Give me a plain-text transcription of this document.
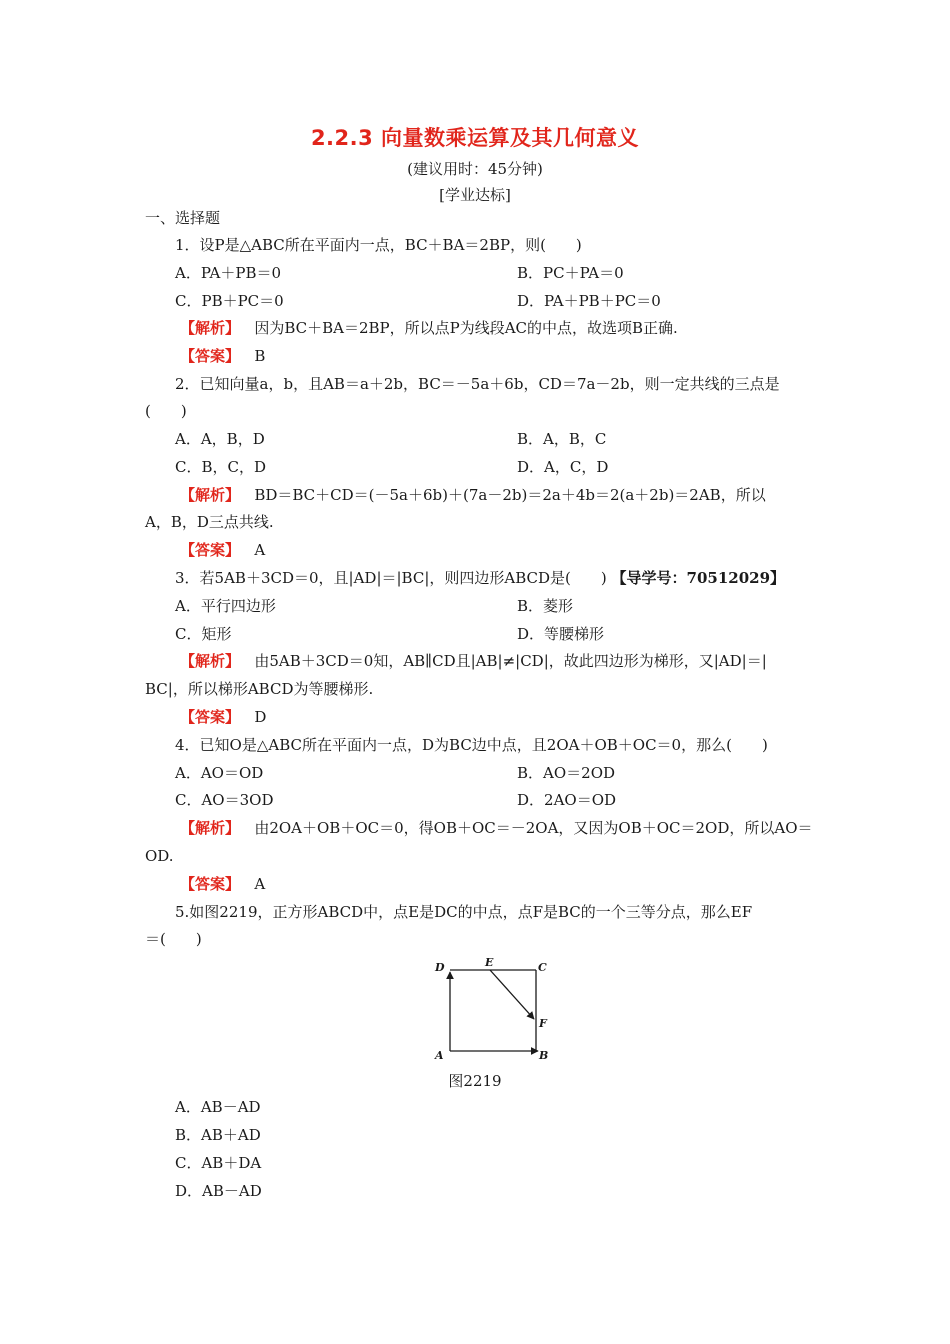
2.2.3 向量数乘运算及其几何意义
(建议用时：45分钟)
[学业达标]
一、选择题
1．设P是△ABC所在平面内一点，BC＋BA＝2BP，则(　　)
A．PA＋PB＝0	B．PC＋PA＝0
C．PB＋PC＝0	D．PA＋PB＋PC＝0
【解析】 因为BC＋BA＝2BP，所以点P为线段AC的中点，故选项B正确.
【答案】 B
2．已知向量a，b，且AB＝a＋2b，BC＝－5a＋6b，CD＝7a－2b，则一定共线的三点是
(　　)
A．A，B，D	B．A，B，C
C．B，C，D	D．A，C，D
【解析】 BD＝BC＋CD＝(－5a＋6b)＋(7a－2b)＝2a＋4b＝2(a＋2b)＝2AB，所以
A，B，D三点共线.
【答案】 A
3．若5AB＋3CD＝0，且|AD|＝|BC|，则四边形ABCD是(　　) 【导学号：70512029】
A．平行四边形	B．菱形
C．矩形	D．等腰梯形
【解析】 由5AB＋3CD＝0知，AB∥CD且|AB|≠|CD|，故此四边形为梯形，又|AD|＝|
BC|，所以梯形ABCD为等腰梯形.
【答案】 D
4．已知O是△ABC所在平面内一点，D为BC边中点，且2OA＋OB＋OC＝0，那么(　　)
A．AO＝OD	B．AO＝2OD
C．AO＝3OD	D．2AO＝OD
【解析】 由2OA＋OB＋OC＝0，得OB＋OC＝－2OA，又因为OB＋OC＝2OD，所以AO＝
OD.
【答案】 A
5.如图2219，正方形ABCD中，点E是DC的中点，点F是BC的一个三等分点，那么EF
＝(　　)
D	E	C
F
A	B
图2219
A．AB－AD
B．AB＋AD
C．AB＋DA
D．AB－AD
